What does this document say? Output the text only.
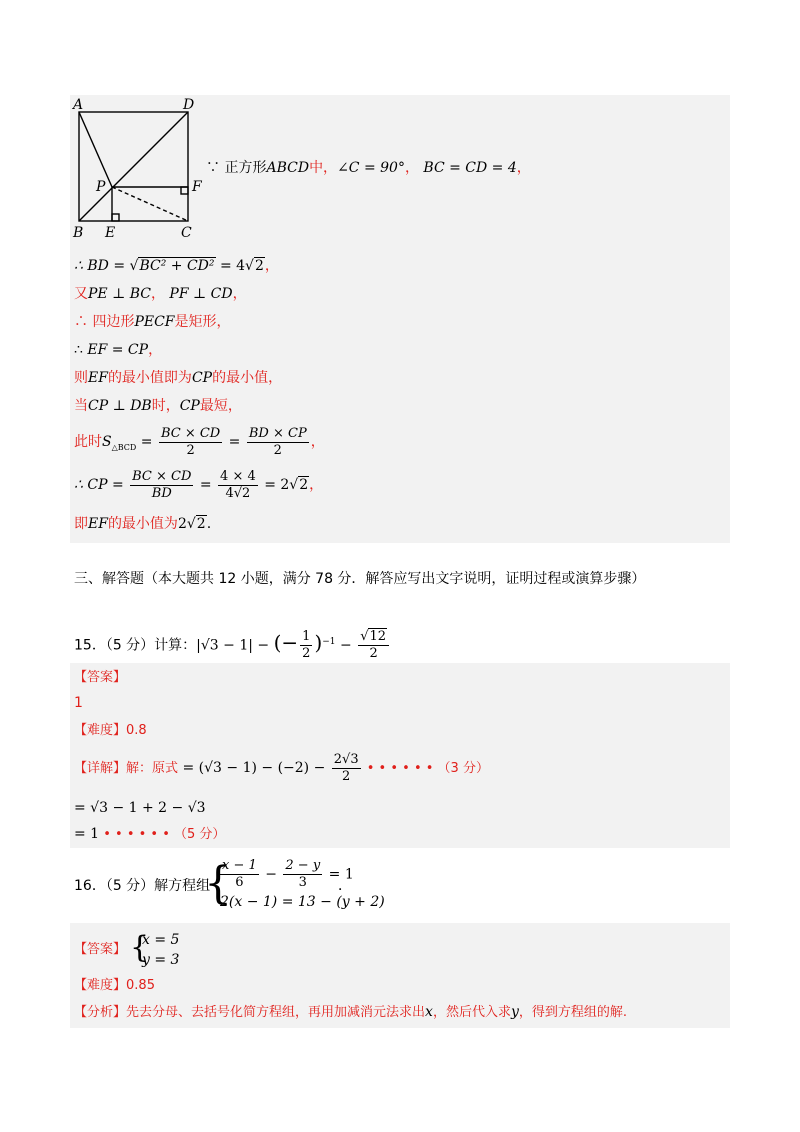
A	D
B E	C
P	F
∵ 正方形ABCD中，∠C = 90°， BC = CD = 4，
∴ BD = √BC² + CD² = 4√2，
又PE ⊥ BC， PF ⊥ CD，
∴ 四边形PECF是矩形，
∴ EF = CP，
则EF的最小值即为CP的最小值，
当CP ⊥ DB时，CP最短，
此时$S_{\triangle BCD} = \frac{BC \times CD}{2} = \frac{BD \times CP}{2}$ ，
∴ CP = $\frac{BC \times CD}{BD} = \frac{4 \times 4}{4√2} = 2√2$，
即EF的最小值为2√2.
三、解答题（本大题共 12 小题，满分 78 分．解答应写出文字说明，证明过程或演算步骤）
15．（5 分）计算：|√3 − 1| − (− $\frac{1}{2} )^{-1} - \frac{√12}{2}$
【答案】
1
【难度】0.8
【详解】解：原式 = $(√3 - 1) - (-2) - \frac{2√3}{2}$ • • • • • • （3 分）
= √3 − 1 + 2 − √3
= 1 • • • • • • （5 分）
16．（5 分）解方程组
{
$\frac{x - 1}{6} - \frac{2 - y}{3} = 1$
2(x − 1) = 13 − (y + 2)
．
【答案】 {
x = 5
y = 3
【难度】0.85
【分析】先去分母、去括号化简方程组，再用加减消元法求出x，然后代入求y，得到方程组的解.
